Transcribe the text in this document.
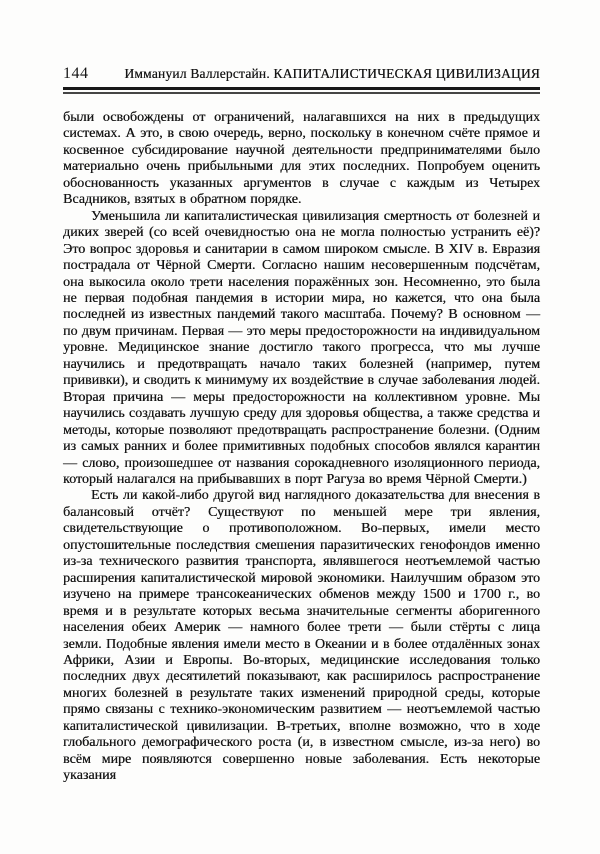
144	Иммануил Валлерстайн. КАПИТАЛИСТИЧЕСКАЯ ЦИВИЛИЗАЦИЯ

были освобождены от ограничений, налагавшихся на них в предыдущих системах. А это, в свою очередь, верно, поскольку в конечном счёте прямое и косвенное субсидирование научной деятельности предпринимателями было материально очень прибыльными для этих последних. Попробуем оценить обоснованность указанных аргументов в случае с каждым из Четырех Всадников, взятых в обратном порядке.

Уменьшила ли капиталистическая цивилизация смертность от болезней и диких зверей (со всей очевидностью она не могла полностью устранить её)? Это вопрос здоровья и санитарии в самом широком смысле. В XIV в. Евразия пострадала от Чёрной Смерти. Согласно нашим несовершенным подсчётам, она выкосила около трети населения поражённых зон. Несомненно, это была не первая подобная пандемия в истории мира, но кажется, что она была последней из известных пандемий такого масштаба. Почему? В основном — по двум причинам. Первая — это меры предосторожности на индивидуальном уровне. Медицинское знание достигло такого прогресса, что мы лучше научились и предотвращать начало таких болезней (например, путем прививки), и сводить к минимуму их воздействие в случае заболевания людей. Вторая причина — меры предосторожности на коллективном уровне. Мы научились создавать лучшую среду для здоровья общества, а также средства и методы, которые позволяют предотвращать распространение болезни. (Одним из самых ранних и более примитивных подобных способов являлся карантин — слово, произошедшее от названия сорокадневного изоляционного периода, который налагался на прибывавших в порт Рагуза во время Чёрной Смерти.)

Есть ли какой-либо другой вид наглядного доказательства для внесения в балансовый отчёт? Существуют по меньшей мере три явления, свидетельствующие о противоположном. Во-первых, имели место опустошительные последствия смешения паразитических генофондов именно из-за технического развития транспорта, являвшегося неотъемлемой частью расширения капиталистической мировой экономики. Наилучшим образом это изучено на примере трансокеанических обменов между 1500 и 1700 г., во время и в результате которых весьма значительные сегменты аборигенного населения обеих Америк — намного более трети — были стёрты с лица земли. Подобные явления имели место в Океании и в более отдалённых зонах Африки, Азии и Европы. Во-вторых, медицинские исследования только последних двух десятилетий показывают, как расширилось распространение многих болезней в результате таких изменений природной среды, которые прямо связаны с технико-экономическим развитием — неотъемлемой частью капиталистической цивилизации. В-третьих, вполне возможно, что в ходе глобального демографического роста (и, в известном смысле, из-за него) во всём мире появляются совершенно новые заболевания. Есть некоторые указания
